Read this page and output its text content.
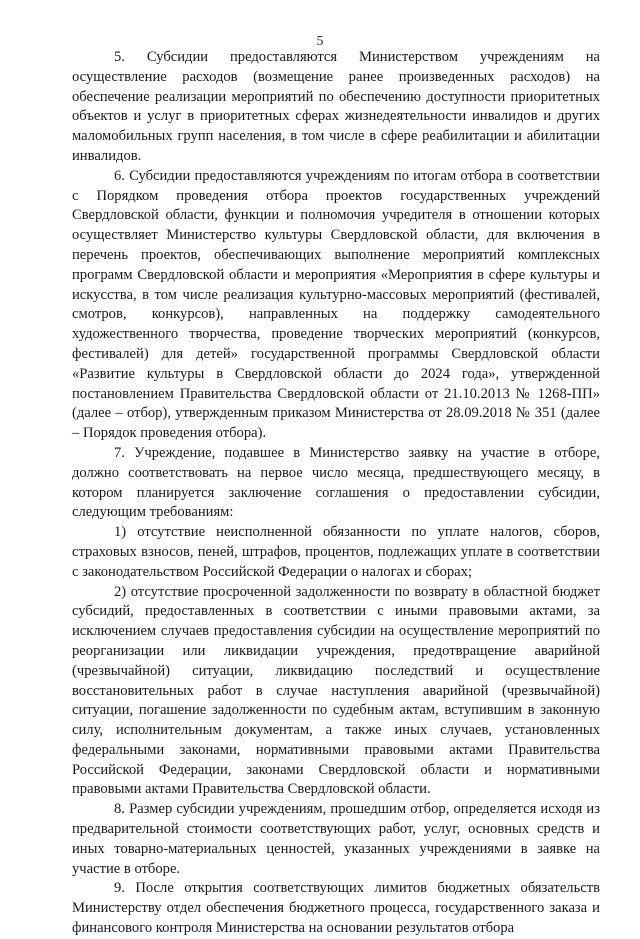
5

5. Субсидии предоставляются Министерством учреждениям на осуществление расходов (возмещение ранее произведенных расходов) на обеспечение реализации мероприятий по обеспечению доступности приоритетных объектов и услуг в приоритетных сферах жизнедеятельности инвалидов и других маломобильных групп населения, в том числе в сфере реабилитации и абилитации инвалидов.

6. Субсидии предоставляются учреждениям по итогам отбора в соответствии с Порядком проведения отбора проектов государственных учреждений Свердловской области, функции и полномочия учредителя в отношении которых осуществляет Министерство культуры Свердловской области, для включения в перечень проектов, обеспечивающих выполнение мероприятий комплексных программ Свердловской области и мероприятия «Мероприятия в сфере культуры и искусства, в том числе реализация культурно-массовых мероприятий (фестивалей, смотров, конкурсов), направленных на поддержку самодеятельного художественного творчества, проведение творческих мероприятий (конкурсов, фестивалей) для детей» государственной программы Свердловской области «Развитие культуры в Свердловской области до 2024 года», утвержденной постановлением Правительства Свердловской области от 21.10.2013 № 1268-ПП» (далее – отбор), утвержденным приказом Министерства от 28.09.2018 № 351 (далее – Порядок проведения отбора).

7. Учреждение, подавшее в Министерство заявку на участие в отборе, должно соответствовать на первое число месяца, предшествующего месяцу, в котором планируется заключение соглашения о предоставлении субсидии, следующим требованиям:

1) отсутствие неисполненной обязанности по уплате налогов, сборов, страховых взносов, пеней, штрафов, процентов, подлежащих уплате в соответствии с законодательством Российской Федерации о налогах и сборах;

2) отсутствие просроченной задолженности по возврату в областной бюджет субсидий, предоставленных в соответствии с иными правовыми актами, за исключением случаев предоставления субсидии на осуществление мероприятий по реорганизации или ликвидации учреждения, предотвращение аварийной (чрезвычайной) ситуации, ликвидацию последствий и осуществление восстановительных работ в случае наступления аварийной (чрезвычайной) ситуации, погашение задолженности по судебным актам, вступившим в законную силу, исполнительным документам, а также иных случаев, установленных федеральными законами, нормативными правовыми актами Правительства Российской Федерации, законами Свердловской области и нормативными правовыми актами Правительства Свердловской области.

8. Размер субсидии учреждениям, прошедшим отбор, определяется исходя из предварительной стоимости соответствующих работ, услуг, основных средств и иных товарно-материальных ценностей, указанных учреждениями в заявке на участие в отборе.

9. После открытия соответствующих лимитов бюджетных обязательств Министерству отдел обеспечения бюджетного процесса, государственного заказа и финансового контроля Министерства на основании результатов отбора
